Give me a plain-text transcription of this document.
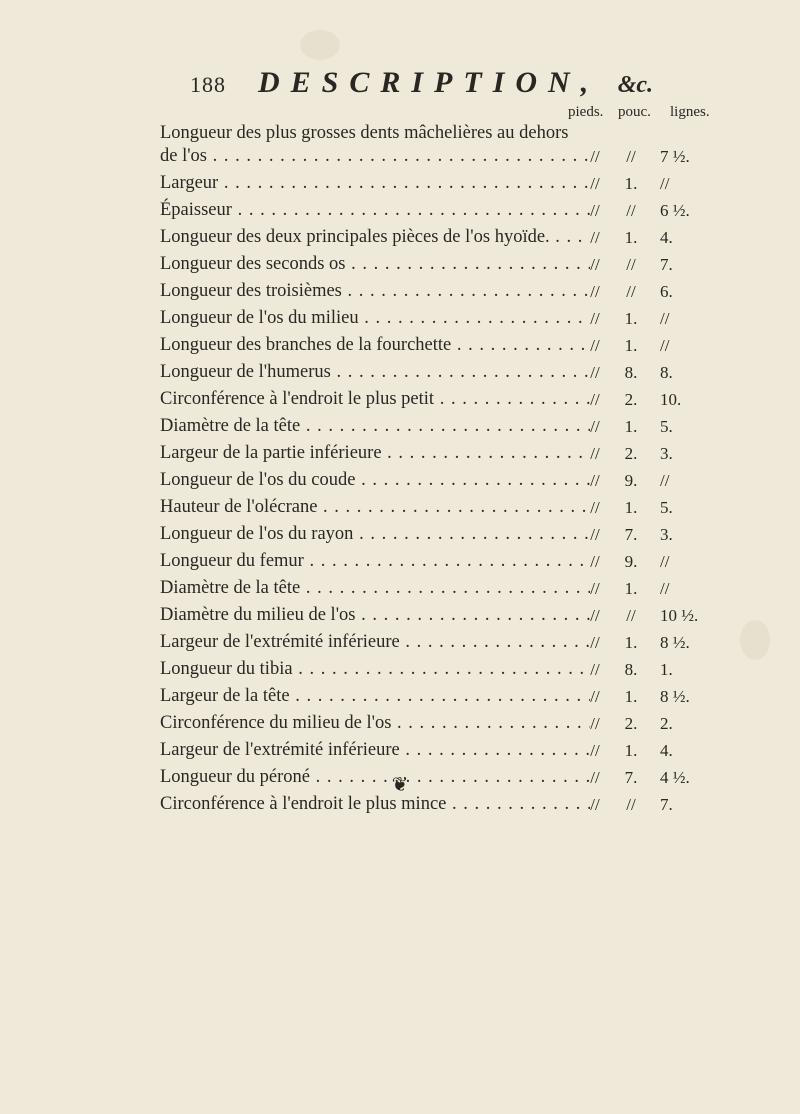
188 DESCRIPTION, &c.
pieds. pouc. lignes.
Longueur des plus grosses dents mâchelières au dehors
de l'os . . .	//	//	7 ½.
Largeur . . .	//	1.	//
Épaisseur . . .	//	//	6 ½.
Longueur des deux principales pièces de l'os hyoïde. . . .	//	1.	4.
Longueur des seconds os . . .	//	//	7.
Longueur des troisièmes . . .	//	//	6.
Longueur de l'os du milieu . . .	//	1.	//
Longueur des branches de la fourchette . . .	//	1.	//
Longueur de l'humerus . . .	//	8.	8.
Circonférence à l'endroit le plus petit . . .	//	2.	10.
Diamètre de la tête . . .	//	1.	5.
Largeur de la partie inférieure . . .	//	2.	3.
Longueur de l'os du coude . . .	//	9.	//
Hauteur de l'olécrane . . .	//	1.	5.
Longueur de l'os du rayon . . .	//	7.	3.
Longueur du femur . . .	//	9.	//
Diamètre de la tête . . .	//	1.	//
Diamètre du milieu de l'os . . .	//	//	10 ½.
Largeur de l'extrémité inférieure . . .	//	1.	8 ½.
Longueur du tibia . . .	//	8.	1.
Largeur de la tête . . .	//	1.	8 ½.
Circonférence du milieu de l'os . . .	//	2.	2.
Largeur de l'extrémité inférieure . . .	//	1.	4.
Longueur du péroné . . .	//	7.	4 ½.
Circonférence à l'endroit le plus mince . . .	//	//	7.
❦
